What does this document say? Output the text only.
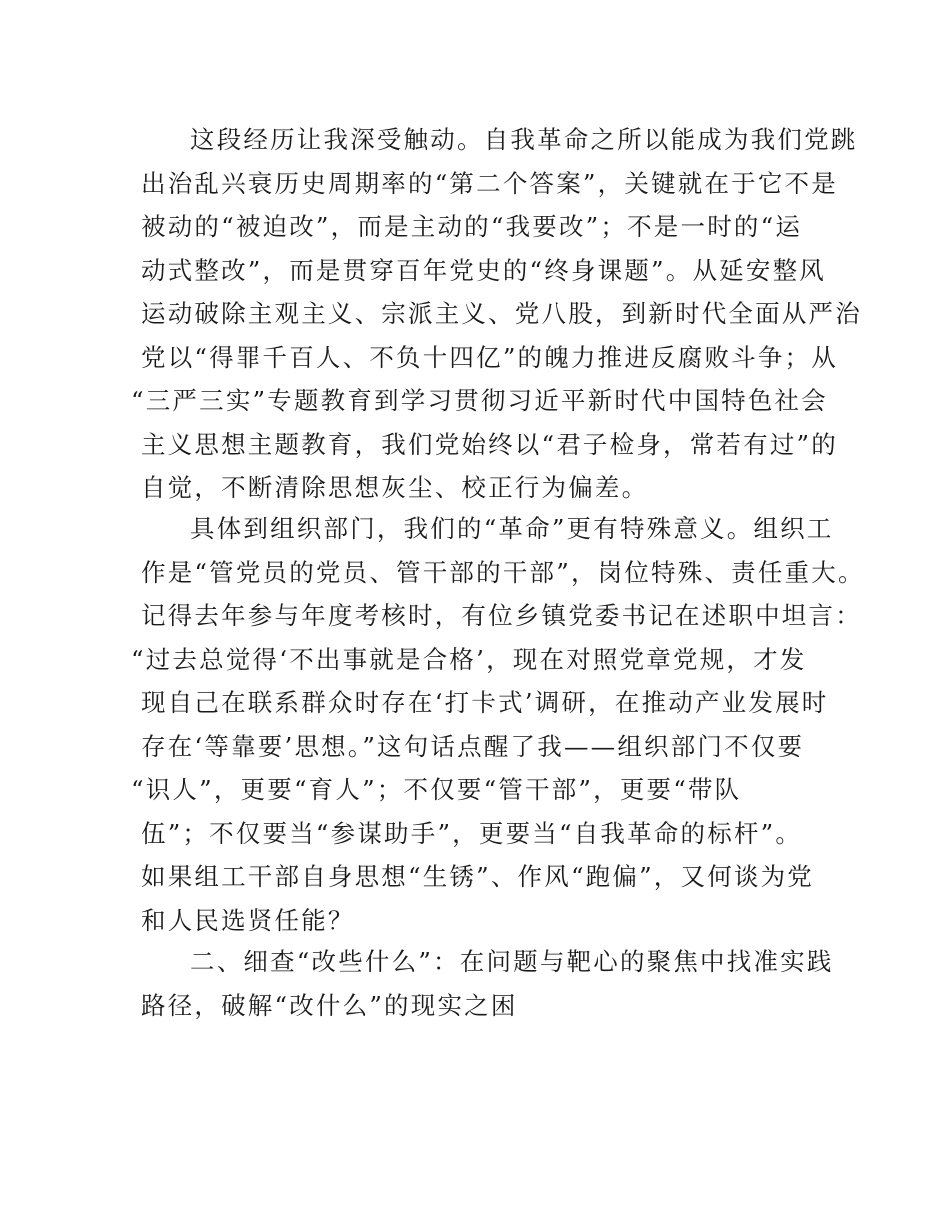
这段经历让我深受触动。自我革命之所以能成为我们党跳
出治乱兴衰历史周期率的“第二个答案”，关键就在于它不是
被动的“被迫改”，而是主动的“我要改”；不是一时的“运
动式整改”，而是贯穿百年党史的“终身课题”。从延安整风
运动破除主观主义、宗派主义、党八股，到新时代全面从严治
党以“得罪千百人、不负十四亿”的魄力推进反腐败斗争；从
“三严三实”专题教育到学习贯彻习近平新时代中国特色社会
主义思想主题教育，我们党始终以“君子检身，常若有过”的
自觉，不断清除思想灰尘、校正行为偏差。

具体到组织部门，我们的“革命”更有特殊意义。组织工
作是“管党员的党员、管干部的干部”，岗位特殊、责任重大。
记得去年参与年度考核时，有位乡镇党委书记在述职中坦言：
“过去总觉得‘不出事就是合格’，现在对照党章党规，才发
现自己在联系群众时存在‘打卡式’调研，在推动产业发展时
存在‘等靠要’思想。”这句话点醒了我——组织部门不仅要
“识人”，更要“育人”；不仅要“管干部”，更要“带队
伍”；不仅要当“参谋助手”，更要当“自我革命的标杆”。
如果组工干部自身思想“生锈”、作风“跑偏”，又何谈为党
和人民选贤任能？

二、细查“改些什么”：在问题与靶心的聚焦中找准实践
路径，破解“改什么”的现实之困
